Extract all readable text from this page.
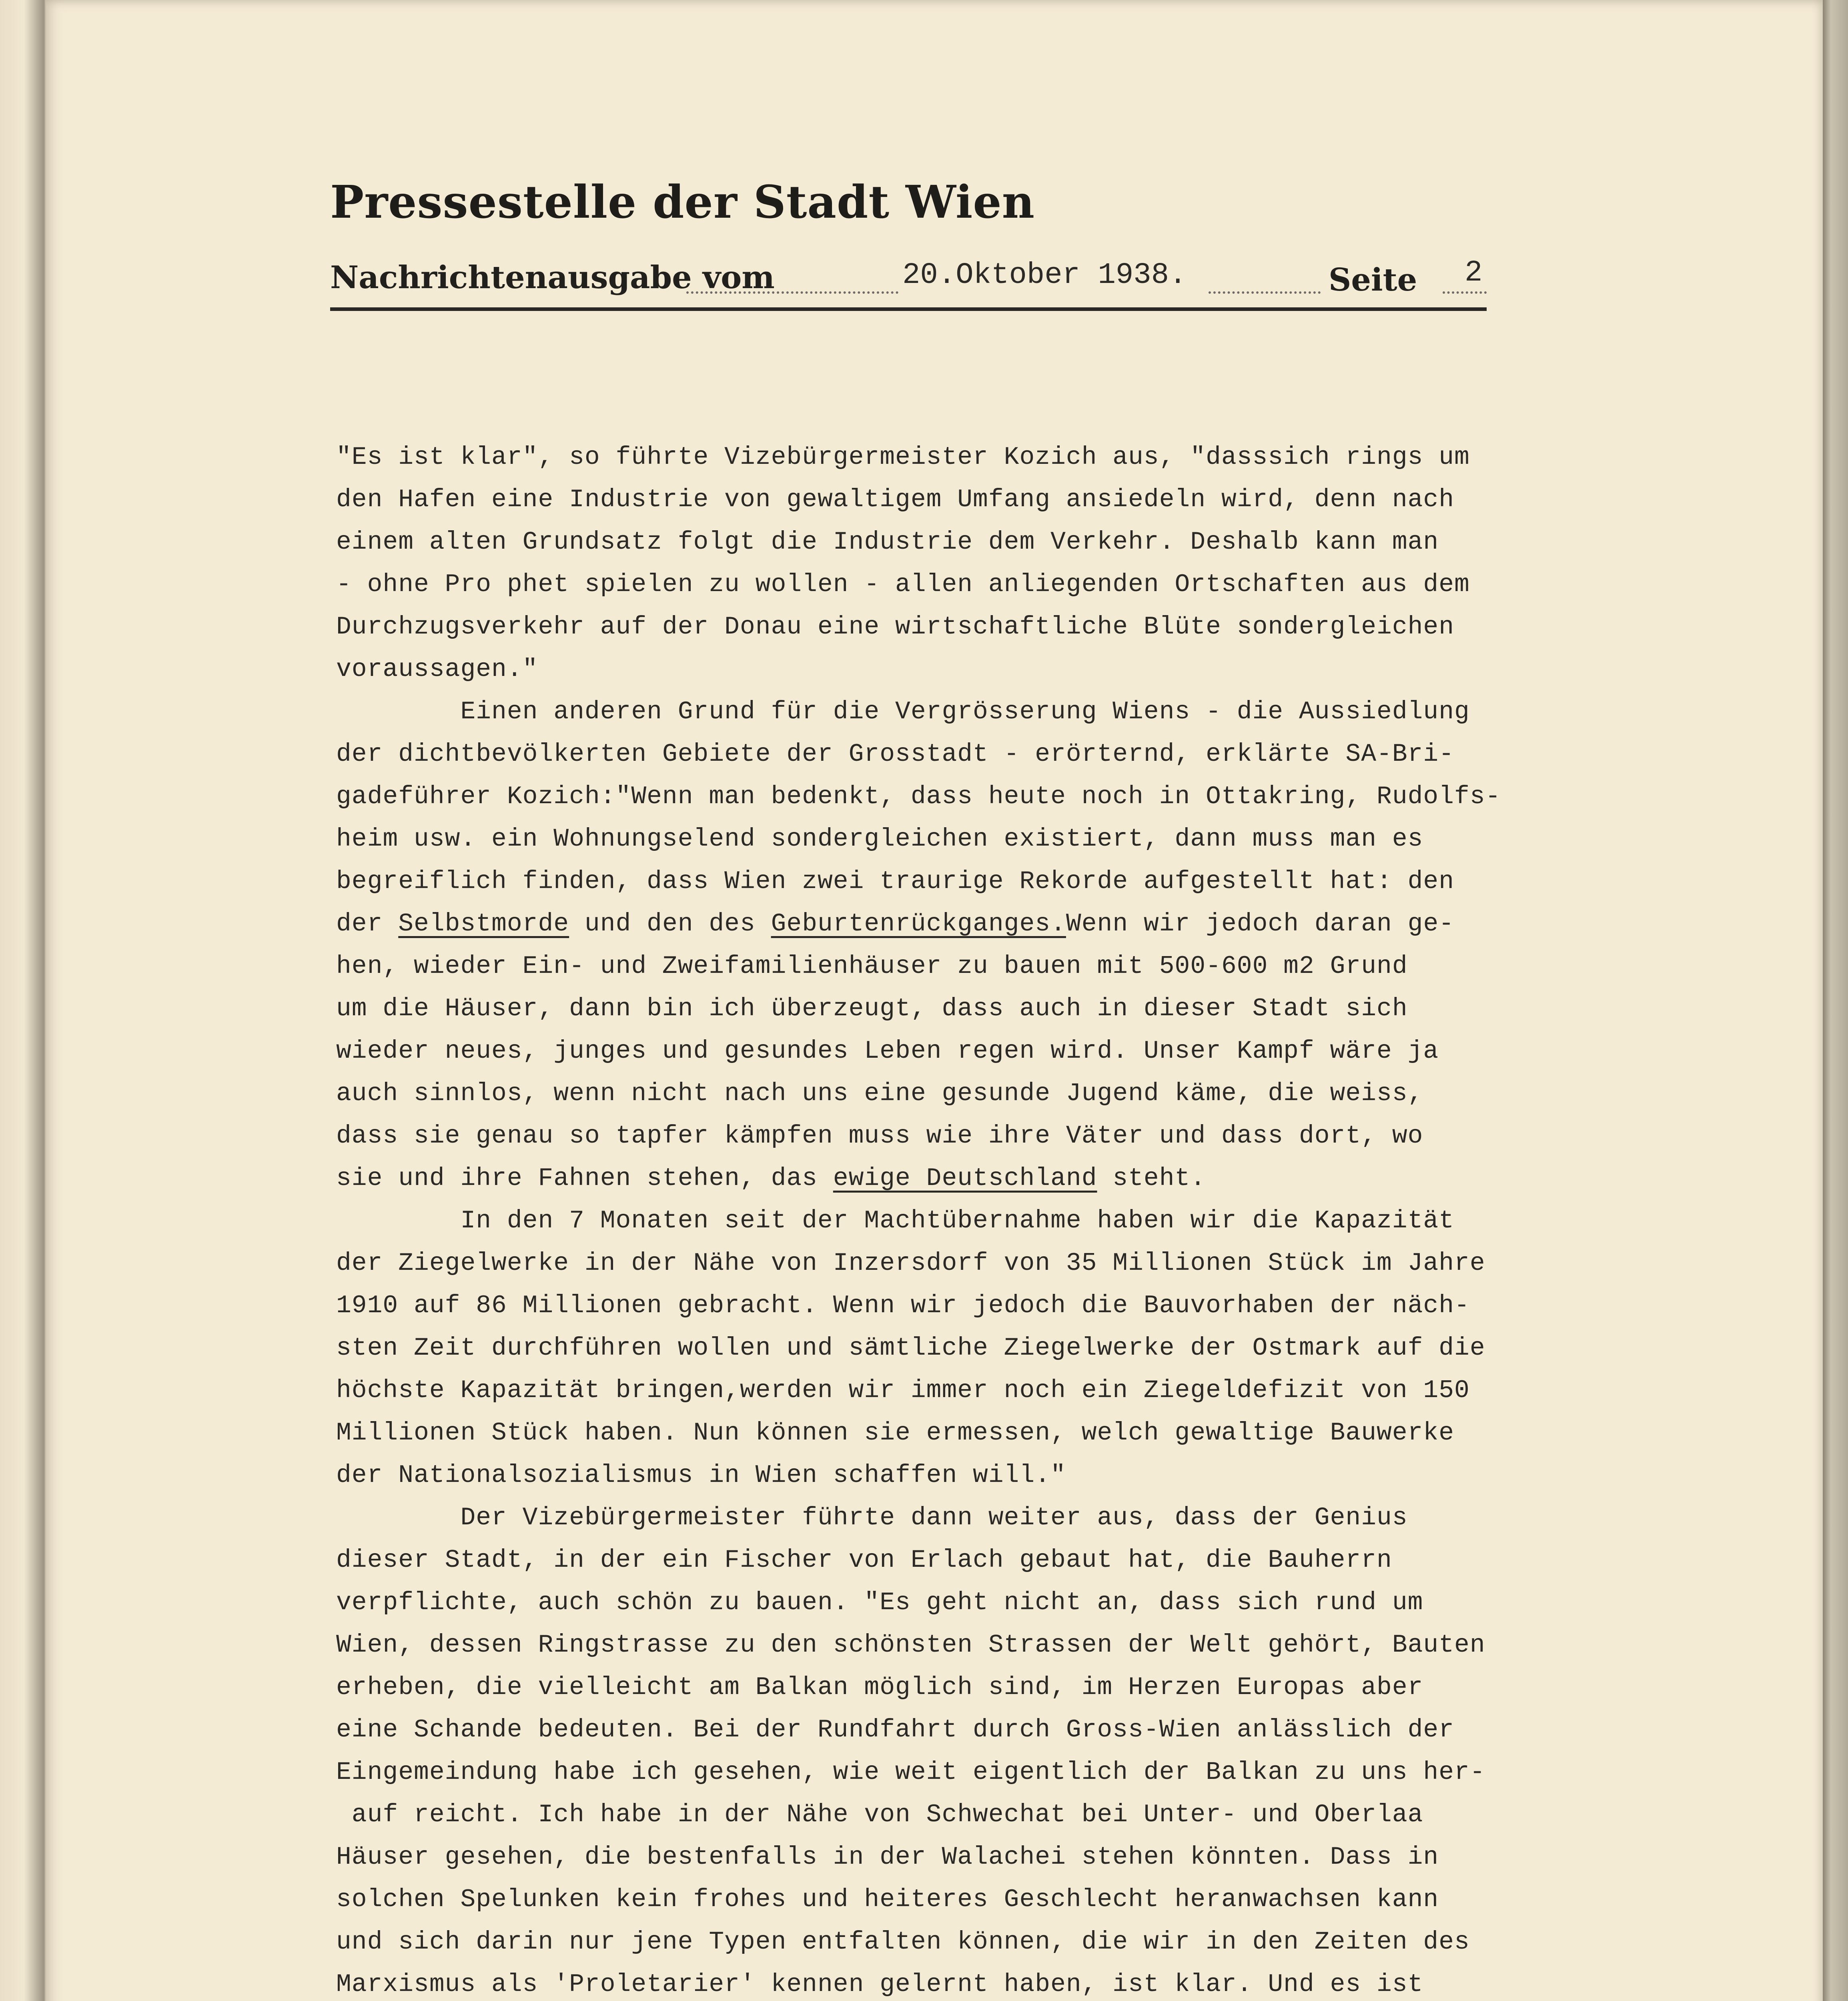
Pressestelle der Stadt Wien
Nachrichtenausgabe vom	20.Oktober 1938.	Seite 2
"Es ist klar", so führte Vizebürgermeister Kozich aus, "dasssich rings um
den Hafen eine Industrie von gewaltigem Umfang ansiedeln wird, denn nach
einem alten Grundsatz folgt die Industrie dem Verkehr. Deshalb kann man
- ohne Pro phet spielen zu wollen - allen anliegenden Ortschaften aus dem
Durchzugsverkehr auf der Donau eine wirtschaftliche Blüte sondergleichen
voraussagen."
Einen anderen Grund für die Vergrösserung Wiens - die Aussiedlung
der dichtbevölkerten Gebiete der Grosstadt - erörternd, erklärte SA-Bri-
gadeführer Kozich:"Wenn man bedenkt, dass heute noch in Ottakring, Rudolfs-
heim usw. ein Wohnungselend sondergleichen existiert, dann muss man es
begreiflich finden, dass Wien zwei traurige Rekorde aufgestellt hat: den
der Selbstmorde und den des Geburtenrückganges.Wenn wir jedoch daran ge-
hen, wieder Ein- und Zweifamilienhäuser zu bauen mit 500-600 m2 Grund
um die Häuser, dann bin ich überzeugt, dass auch in dieser Stadt sich
wieder neues, junges und gesundes Leben regen wird. Unser Kampf wäre ja
auch sinnlos, wenn nicht nach uns eine gesunde Jugend käme, die weiss,
dass sie genau so tapfer kämpfen muss wie ihre Väter und dass dort, wo
sie und ihre Fahnen stehen, das ewige Deutschland steht.
In den 7 Monaten seit der Machtübernahme haben wir die Kapazität
der Ziegelwerke in der Nähe von Inzersdorf von 35 Millionen Stück im Jahre
1910 auf 86 Millionen gebracht. Wenn wir jedoch die Bauvorhaben der näch-
sten Zeit durchführen wollen und sämtliche Ziegelwerke der Ostmark auf die
höchste Kapazität bringen,werden wir immer noch ein Ziegeldefizit von 150
Millionen Stück haben. Nun können sie ermessen, welch gewaltige Bauwerke
der Nationalsozialismus in Wien schaffen will."
Der Vizebürgermeister führte dann weiter aus, dass der Genius
dieser Stadt, in der ein Fischer von Erlach gebaut hat, die Bauherrn
verpflichte, auch schön zu bauen. "Es geht nicht an, dass sich rund um
Wien, dessen Ringstrasse zu den schönsten Strassen der Welt gehört, Bauten
erheben, die vielleicht am Balkan möglich sind, im Herzen Europas aber
eine Schande bedeuten. Bei der Rundfahrt durch Gross-Wien anlässlich der
Eingemeindung habe ich gesehen, wie weit eigentlich der Balkan zu uns her-
auf reicht. Ich habe in der Nähe von Schwechat bei Unter- und Oberlaa
Häuser gesehen, die bestenfalls in der Walachei stehen könnten. Dass in
solchen Spelunken kein frohes und heiteres Geschlecht heranwachsen kann
und sich darin nur jene Typen entfalten können, die wir in den Zeiten des
Marxismus als 'Proletarier' kennen gelernt haben, ist klar. Und es ist
